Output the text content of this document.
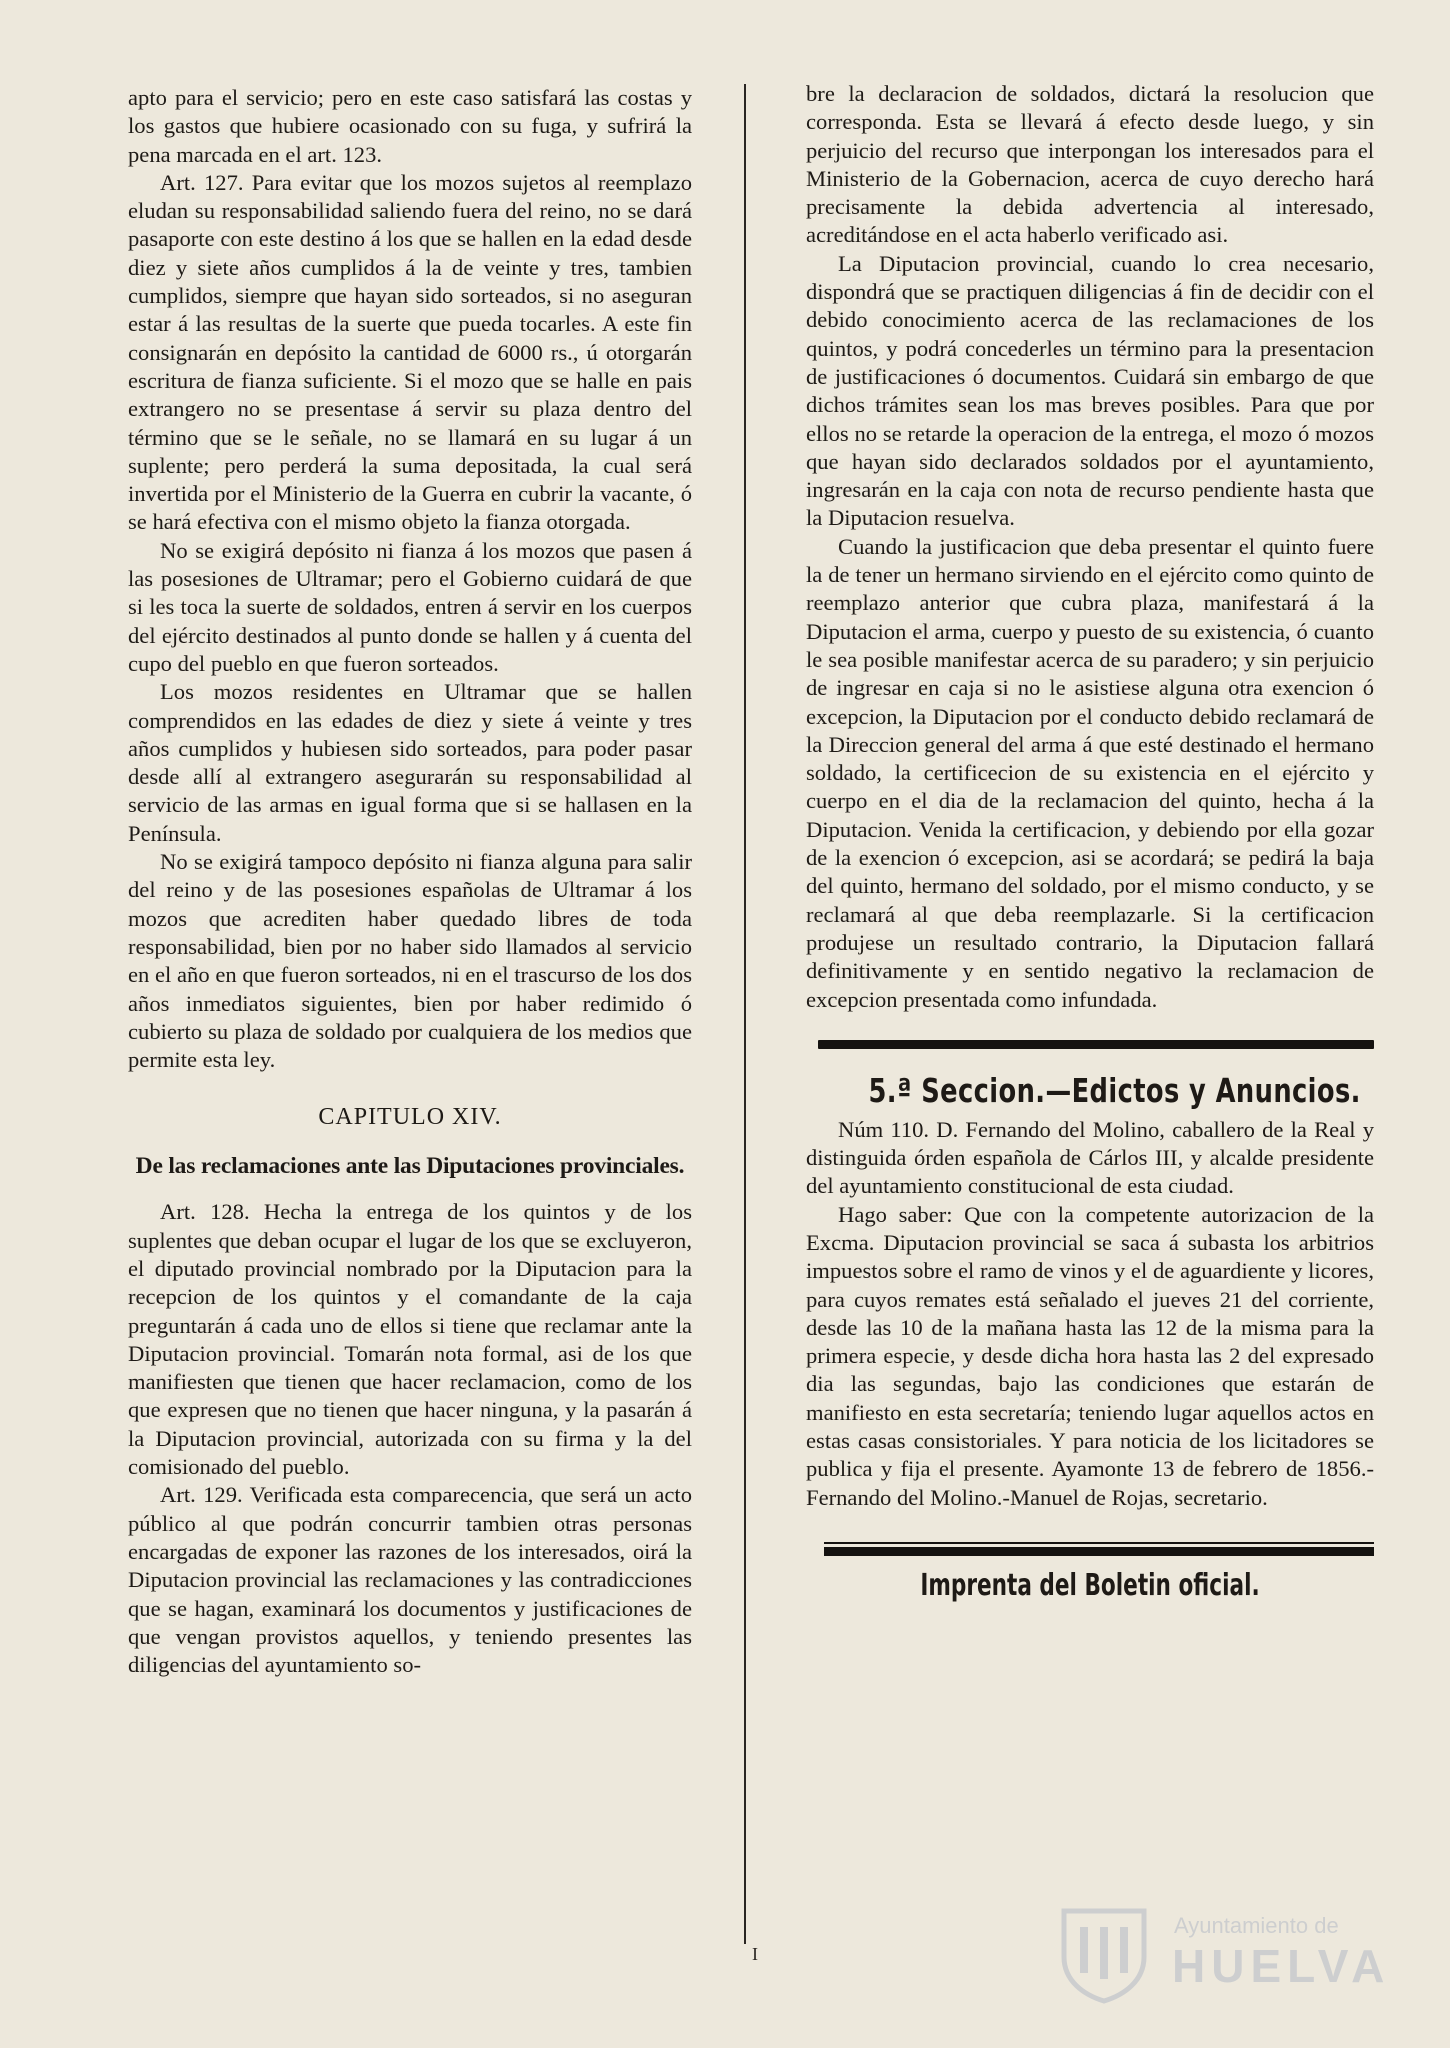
apto para el servicio; pero en este caso satisfará las costas y los gastos que hubiere ocasionado con su fuga, y sufrirá la pena marcada en el art. 123.

Art. 127. Para evitar que los mozos sujetos al reemplazo eludan su responsabilidad saliendo fuera del reino, no se dará pasaporte con este destino á los que se hallen en la edad desde diez y siete años cumplidos á la de veinte y tres, tambien cumplidos, siempre que hayan sido sorteados, si no aseguran estar á las resultas de la suerte que pueda tocarles. A este fin consignarán en depósito la cantidad de 6000 rs., ú otorgarán escritura de fianza suficiente. Si el mozo que se halle en pais extrangero no se presentase á servir su plaza dentro del término que se le señale, no se llamará en su lugar á un suplente; pero perderá la suma depositada, la cual será invertida por el Ministerio de la Guerra en cubrir la vacante, ó se hará efectiva con el mismo objeto la fianza otorgada.

No se exigirá depósito ni fianza á los mozos que pasen á las posesiones de Ultramar; pero el Gobierno cuidará de que si les toca la suerte de soldados, entren á servir en los cuerpos del ejército destinados al punto donde se hallen y á cuenta del cupo del pueblo en que fueron sorteados.

Los mozos residentes en Ultramar que se hallen comprendidos en las edades de diez y siete á veinte y tres años cumplidos y hubiesen sido sorteados, para poder pasar desde allí al extrangero asegurarán su responsabilidad al servicio de las armas en igual forma que si se hallasen en la Península.

No se exigirá tampoco depósito ni fianza alguna para salir del reino y de las posesiones españolas de Ultramar á los mozos que acrediten haber quedado libres de toda responsabilidad, bien por no haber sido llamados al servicio en el año en que fueron sorteados, ni en el trascurso de los dos años inmediatos siguientes, bien por haber redimido ó cubierto su plaza de soldado por cualquiera de los medios que permite esta ley.

CAPITULO XIV.
De las reclamaciones ante las Diputaciones provinciales.

Art. 128. Hecha la entrega de los quintos y de los suplentes que deban ocupar el lugar de los que se excluyeron, el diputado provincial nombrado por la Diputacion para la recepcion de los quintos y el comandante de la caja preguntarán á cada uno de ellos si tiene que reclamar ante la Diputacion provincial. Tomarán nota formal, asi de los que manifiesten que tienen que hacer reclamacion, como de los que expresen que no tienen que hacer ninguna, y la pasarán á la Diputacion provincial, autorizada con su firma y la del comisionado del pueblo.

Art. 129. Verificada esta comparecencia, que será un acto público al que podrán concurrir tambien otras personas encargadas de exponer las razones de los interesados, oirá la Diputacion provincial las reclamaciones y las contradicciones que se hagan, examinará los documentos y justificaciones de que vengan provistos aquellos, y teniendo presentes las diligencias del ayuntamiento so-

bre la declaracion de soldados, dictará la resolucion que corresponda. Esta se llevará á efecto desde luego, y sin perjuicio del recurso que interpongan los interesados para el Ministerio de la Gobernacion, acerca de cuyo derecho hará precisamente la debida advertencia al interesado, acreditándose en el acta haberlo verificado asi.

La Diputacion provincial, cuando lo crea necesario, dispondrá que se practiquen diligencias á fin de decidir con el debido conocimiento acerca de las reclamaciones de los quintos, y podrá concederles un término para la presentacion de justificaciones ó documentos. Cuidará sin embargo de que dichos trámites sean los mas breves posibles. Para que por ellos no se retarde la operacion de la entrega, el mozo ó mozos que hayan sido declarados soldados por el ayuntamiento, ingresarán en la caja con nota de recurso pendiente hasta que la Diputacion resuelva.

Cuando la justificacion que deba presentar el quinto fuere la de tener un hermano sirviendo en el ejército como quinto de reemplazo anterior que cubra plaza, manifestará á la Diputacion el arma, cuerpo y puesto de su existencia, ó cuanto le sea posible manifestar acerca de su paradero; y sin perjuicio de ingresar en caja si no le asistiese alguna otra exencion ó excepcion, la Diputacion por el conducto debido reclamará de la Direccion general del arma á que esté destinado el hermano soldado, la certificecion de su existencia en el ejército y cuerpo en el dia de la reclamacion del quinto, hecha á la Diputacion. Venida la certificacion, y debiendo por ella gozar de la exencion ó excepcion, asi se acordará; se pedirá la baja del quinto, hermano del soldado, por el mismo conducto, y se reclamará al que deba reemplazarle. Si la certificacion produjese un resultado contrario, la Diputacion fallará definitivamente y en sentido negativo la reclamacion de excepcion presentada como infundada.

5.ª Seccion.—Edictos y Anuncios.

Núm 110. D. Fernando del Molino, caballero de la Real y distinguida órden española de Cárlos III, y alcalde presidente del ayuntamiento constitucional de esta ciudad.

Hago saber: Que con la competente autorizacion de la Excma. Diputacion provincial se saca á subasta los arbitrios impuestos sobre el ramo de vinos y el de aguardiente y licores, para cuyos remates está señalado el jueves 21 del corriente, desde las 10 de la mañana hasta las 12 de la misma para la primera especie, y desde dicha hora hasta las 2 del expresado dia las segundas, bajo las condiciones que estarán de manifiesto en esta secretaría; teniendo lugar aquellos actos en estas casas consistoriales. Y para noticia de los licitadores se publica y fija el presente. Ayamonte 13 de febrero de 1856.-Fernando del Molino.-Manuel de Rojas, secretario.

Imprenta del Boletin oficial.
I
Ayuntamiento de
HUELVA
